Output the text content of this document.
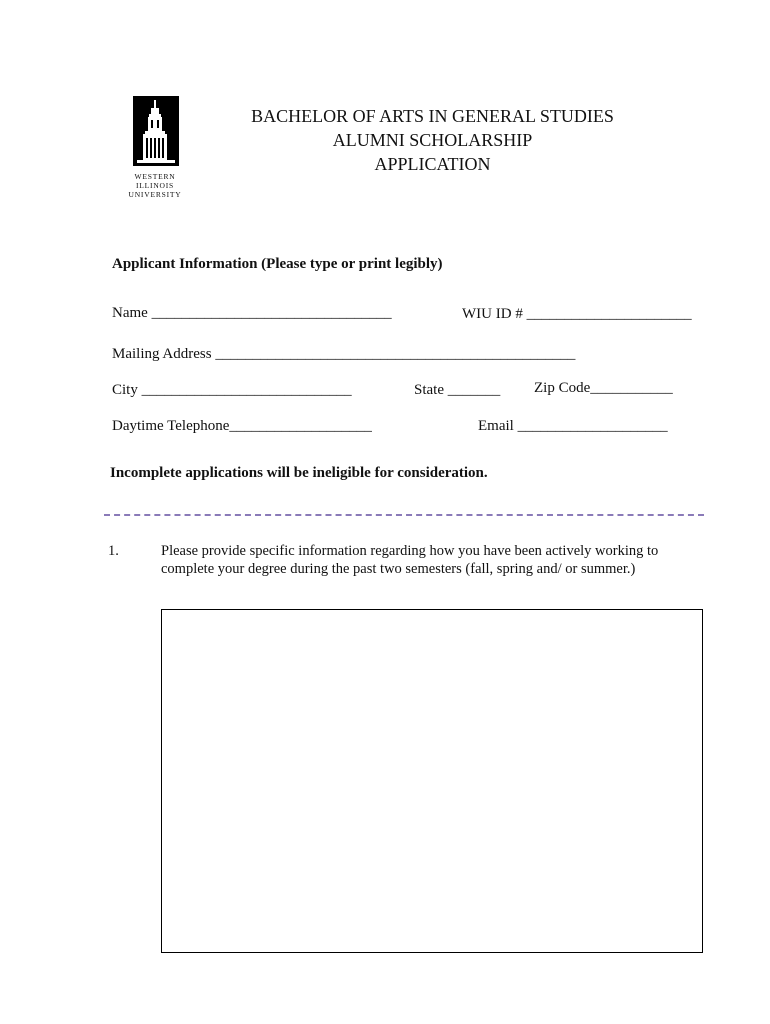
WESTERN
ILLINOIS
UNIVERSITY
BACHELOR OF ARTS IN GENERAL STUDIES
ALUMNI SCHOLARSHIP
APPLICATION
Applicant Information (Please type or print legibly)
Name ________________________________	WIU ID # ______________________
Mailing Address ________________________________________________
City ____________________________	State _______ Zip Code___________
Daytime Telephone___________________	Email ____________________
Incomplete applications will be ineligible for consideration.
1.	Please provide specific information regarding how you have been actively working to complete your degree during the past two semesters (fall, spring and/ or summer.)
